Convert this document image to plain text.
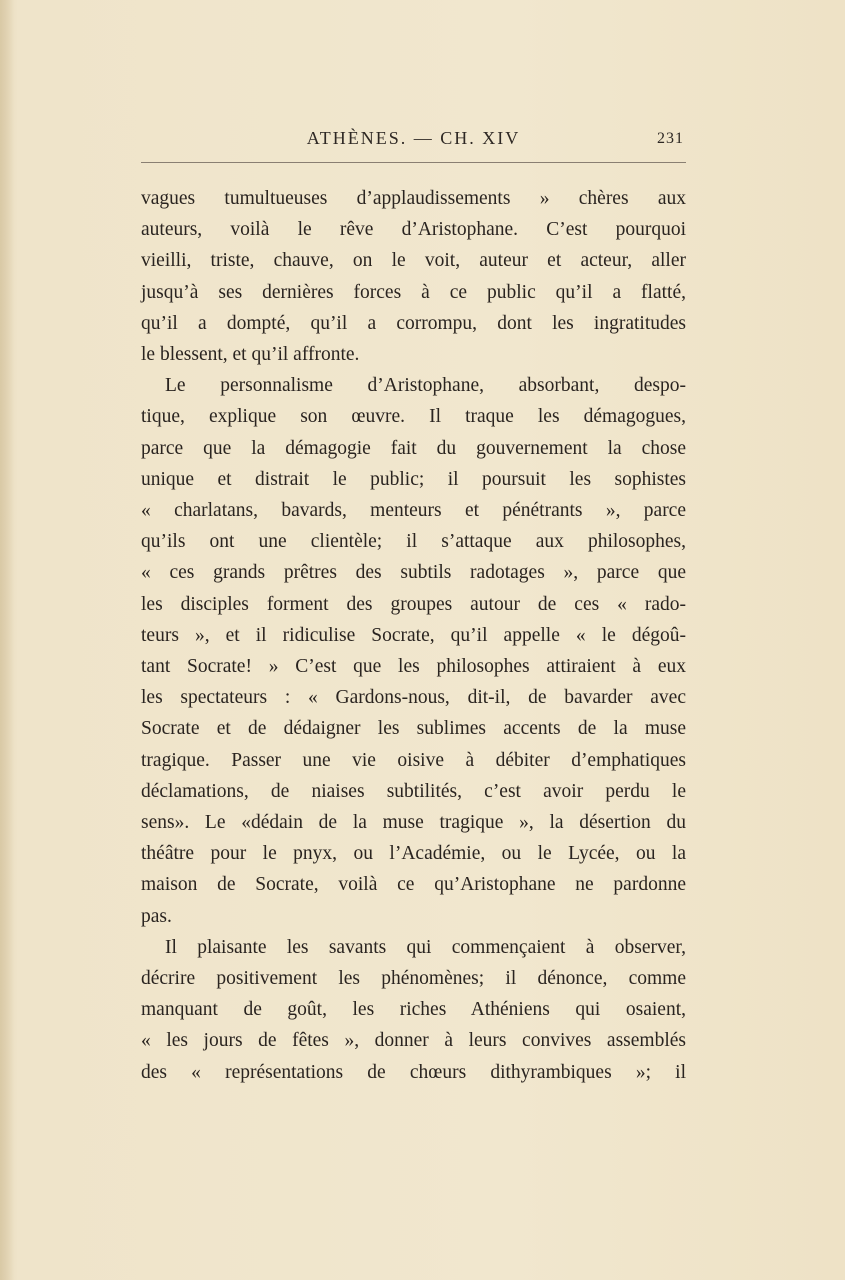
ATHÈNES. — CH. XIV	231

vagues tumultueuses d’applaudissements » chères aux
auteurs, voilà le rêve d’Aristophane. C’est pourquoi
vieilli, triste, chauve, on le voit, auteur et acteur, aller
jusqu’à ses dernières forces à ce public qu’il a flatté,
qu’il a dompté, qu’il a corrompu, dont les ingratitudes
le blessent, et qu’il affronte.

Le personnalisme d’Aristophane, absorbant, despo-
tique, explique son œuvre. Il traque les démagogues,
parce que la démagogie fait du gouvernement la chose
unique et distrait le public; il poursuit les sophistes
« charlatans, bavards, menteurs et pénétrants », parce
qu’ils ont une clientèle; il s’attaque aux philosophes,
« ces grands prêtres des subtils radotages », parce que
les disciples forment des groupes autour de ces « rado-
teurs », et il ridiculise Socrate, qu’il appelle « le dégoû-
tant Socrate! » C’est que les philosophes attiraient à eux
les spectateurs : « Gardons-nous, dit-il, de bavarder avec
Socrate et de dédaigner les sublimes accents de la muse
tragique. Passer une vie oisive à débiter d’emphatiques
déclamations, de niaises subtilités, c’est avoir perdu le
sens». Le «dédain de la muse tragique », la désertion du
théâtre pour le pnyx, ou l’Académie, ou le Lycée, ou la
maison de Socrate, voilà ce qu’Aristophane ne pardonne
pas.

Il plaisante les savants qui commençaient à observer,
décrire positivement les phénomènes; il dénonce, comme
manquant de goût, les riches Athéniens qui osaient,
« les jours de fêtes », donner à leurs convives assemblés
des « représentations de chœurs dithyrambiques »; il
